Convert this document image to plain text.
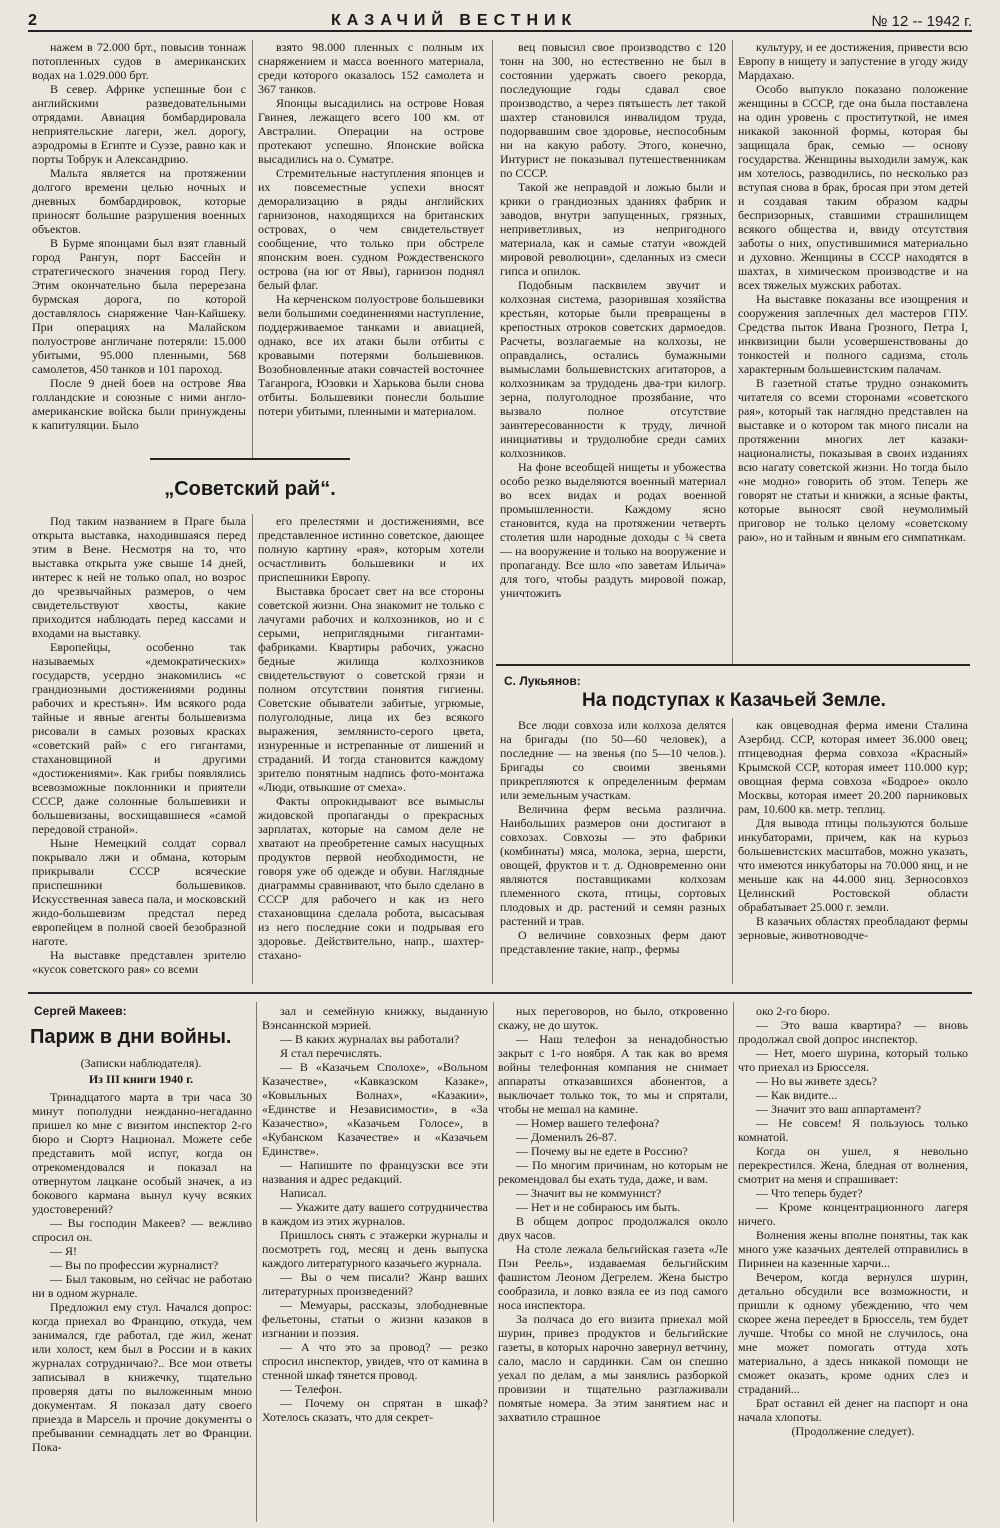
2	КАЗАЧИЙ ВЕСТНИК	№ 12 -- 1942 г.

нажем в 72.000 брт., повысив тоннаж потопленных судов в американских водах на 1.029.000 брт.

В север. Африке успешные бои с английскими разведовательными отрядами. Авиация бомбардировала неприятельские лагери, жел. дорогу, аэродромы в Египте и Суэзе, равно как и порты Тобрук и Александрию.

Мальта является на протяжении долгого времени целью ночных и дневных бомбардировок, которые приносят большие разрушения военных объектов.

В Бурме японцами был взят главный город Рангун, порт Бассейн и стратегического значения город Пегу. Этим окончательно была перерезана бурмская дорога, по которой доставлялось снаряжение Чан-Кайшеку. При операциях на Малайском полуострове англичане потеряли: 15.000 убитыми, 95.000 пленными, 568 самолетов, 450 танков и 101 пароход.

После 9 дней боев на острове Ява голландские и союзные с ними англо-американские войска были принуждены к капитуляции. Было

взято 98.000 пленных с полным их снаряжением и масса военного материала, среди которого оказалось 152 самолета и 367 танков.

Японцы высадились на острове Новая Гвинея, лежащего всего 100 км. от Австралии. Операции на острове протекают успешно. Японские войска высадились на о. Суматре.

Стремительные наступления японцев и их повсеместные успехи вносят деморализацию в ряды английских гарнизонов, находящихся на британских островах, о чем свидетельствует сообщение, что только при обстреле японским воен. судном Рождественского острова (на юг от Явы), гарнизон поднял белый флаг.

На керченском полуострове большевики вели большими соединениями наступление, поддерживаемое танками и авиацией, однако, все их атаки были отбиты с кровавыми потерями большевиков. Возобновленные атаки совчастей восточнее Таганрога, Юзовки и Харькова были снова отбиты. Большевики понесли большие потери убитыми, пленными и материалом.

„Советский рай“.

Под таким названием в Праге была открыта выставка, находившаяся перед этим в Вене. Несмотря на то, что выставка открыта уже свыше 14 дней, интерес к ней не только опал, но возрос до чрезвычайных размеров, о чем свидетельствуют хвосты, какие приходится наблюдать перед кассами и входами на выставку.

Европейцы, особенно так называемых «демократических» государств, усердно знакомились «с грандиозными достижениями родины рабочих и крестьян». Им всякого рода тайные и явные агенты большевизма рисовали в самых розовых красках «советский рай» с его гигантами, стахановщиной и другими «достижениями». Как грибы появлялись всевозможные поклонники и приятели СССР, даже солонные большевики и большевизаны, восхищавшиеся «самой передовой страной».

Ныне Немецкий солдат сорвал покрывало лжи и обмана, которым прикрывали СССР всяческие приспешники большевиков. Искусственная завеса пала, и московский жидо-большевизм предстал перед европейцем в полной своей безобразной наготе.

На выставке представлен зрителю «кусок советского рая» со всеми

его прелестями и достижениями, все представленное истинно советское, дающее полную картину «рая», которым хотели осчастливить большевики и их приспешники Европу.

Выставка бросает свет на все стороны советской жизни. Она знакомит не только с лачугами рабочих и колхозников, но и с серыми, неприглядными гигантами-фабриками. Квартиры рабочих, ужасно бедные жилища колхозников свидетельствуют о советской грязи и полном отсутствии понятия гигиены. Советские обыватели забитые, угрюмые, полуголодные, лица их без всякого выражения, землянисто-серого цвета, изнуренные и истрепанные от лишений и страданий. И тогда становится каждому зрителю понятным надпись фото-монтажа «Люди, отвыкшие от смеха».

Факты опрокидывают все вымыслы жидовской пропаганды о прекрасных зарплатах, которые на самом деле не хватают на преобретение самых насущных продуктов первой необходимости, не говоря уже об одежде и обуви. Наглядные диаграммы сравнивают, что было сделано в СССР для рабочего и как из него стахановщина сделала робота, высасывая из него последние соки и подрывая его здоровье. Действительно, напр., шахтер-стахано-

вец повысил свое производство с 120 тонн на 300, но естественно не был в состоянии удержать своего рекорда, последующие годы сдавал свое производство, а через пятьшесть лет такой шахтер становился инвалидом труда, подорвавшим свое здоровье, неспособным ни на какую работу. Этого, конечно, Интурист не показывал путешественникам по СССР.

Такой же неправдой и ложью были и крики о грандиозных зданиях фабрик и заводов, внутри запущенных, грязных, неприветливых, из непригодного материала, как и самые статуи «вождей мировой революции», сделанных из смеси гипса и опилок.

Подобным пасквилем звучит и колхозная система, разорившая хозяйства крестьян, которые были превращены в крепостных отроков советских дармоедов. Расчеты, возлагаемые на колхозы, не оправдались, остались бумажными вымыслами большевистских агитаторов, а колхозникам за трудодень два-три килогр. зерна, полуголодное прозябание, что вызвало полное отсутствие заинтересованности к труду, личной инициативы и трудолюбие среди самих колхозников.

На фоне всеобщей нищеты и убожества особо резко выделяются военный материал во всех видах и родах военной промышленности. Каждому ясно становится, куда на протяжении четверть столетия шли народные доходы с ¾ света — на вооружение и только на вооружение и пропаганду. Все шло «по заветам Ильича» для того, чтобы раздуть мировой пожар, уничтожить

культуру, и ее достижения, привести всю Европу в нищету и запустение в угоду жиду Мардахаю.

Особо выпукло показано положение женщины в СССР, где она была поставлена на один уровень с проституткой, не имея никакой законной формы, которая бы защищала брак, семью — основу государства. Женщины выходили замуж, как им хотелось, разводились, по несколько раз вступая снова в брак, бросая при этом детей и создавая таким образом кадры беспризорных, ставшими страшилищем всякого общества и, ввиду отсутствия заботы о них, опустившимися материально и духовно. Женщины в СССР находятся в шахтах, в химическом производстве и на всех тяжелых мужских работах.

На выставке показаны все изощрения и сооружения заплечных дел мастеров ГПУ. Средства пыток Ивана Грозного, Петра I, инквизиции были усовершенствованы до тонкостей и полного садизма, столь характерным большевистским палачам.

В газетной статье трудно ознакомить читателя со всеми сторонами «советского рая», который так наглядно представлен на выставке и о котором так много писали на протяжении многих лет казаки-националисты, показывая в своих изданиях всю нагату советской жизни. Но тогда было «не модно» говорить об этом. Теперь же говорят не статьи и книжки, а ясные факты, которые выносят свой неумолимый приговор не только целому «советскому раю», но и тайным и явным его симпатикам.

С. Лукьянов:
На подступах к Казачьей Земле.

Все люди совхоза или колхоза делятся на бригады (по 50—60 человек), а последние — на звенья (по 5—10 челов.). Бригады со своими звеньями прикрепляются к определенным фермам или земельным участкам.

Величина ферм весьма различна. Наибольших размеров они достигают в совхозах. Совхозы — это фабрики (комбинаты) мяса, молока, зерна, шерсти, овощей, фруктов и т. д. Одновременно они являются поставщиками колхозам племенного скота, птицы, сортовых плодовых и др. растений и семян разных растений и трав.

О величине совхозных ферм дают представление такие, напр., фермы

как овцеводная ферма имени Сталина Азербид. ССР, которая имеет 36.000 овец; птицеводная ферма совхоза «Красный» Крымской ССР, которая имеет 110.000 кур; овощная ферма совхоза «Бодрое» около Москвы, которая имеет 20.200 парниковых рам, 10.600 кв. метр. теплиц.

Для вывода птицы пользуются больше инкубаторами, причем, как на курьоз большевистских масштабов, можно указать, что имеются инкубаторы на 70.000 яиц, и не меньше как на 44.000 яиц. Зерносовхоз Целинский Ростовской области обрабатывает 25.000 г. земли.

В казачьих областях преобладают фермы зерновые, животноводче-

Сергей Макеев:
Париж в дни войны.
(Записки наблюдателя).
Из III книги 1940 г.

Тринадцатого марта в три часа 30 минут пополудни нежданно-негаданно пришел ко мне с визитом инспектор 2-го бюро и Сюртэ Национал. Можете себе представить мой испуг, когда он отрекомендовался и показал на отвернутом лацкане особый значек, а из бокового кармана вынул кучу всяких удостоверений?

— Вы господин Макеев? — вежливо спросил он.

— Я!

— Вы по профессии журналист?

— Был таковым, но сейчас не работаю ни в одном журнале.

Предложил ему стул. Начался допрос: когда приехал во Францию, откуда, чем занимался, где работал, где жил, женат или холост, кем был в России и в каких журналах сотрудничаю?.. Все мои ответы записывал в книжечку, тщательно проверяя даты по выложенным мною документам. Я показал дату своего приезда в Марсель и прочие документы о пребывании семнадцать лет во Франции. Пока-

зал и семейную книжку, выданную Вэнсаннской мэрией.

— В каких журналах вы работали?

Я стал перечислять.

— В «Казачьем Сполохе», «Вольном Казачестве», «Кавказском Казаке», «Ковыльных Волнах», «Казакии», «Единстве и Независимости», в «За Казачество», «Казачьем Голосе», в «Кубанском Казачестве» и «Казачьем Единстве».

— Напишите по французски все эти названия и адрес редакций.

Написал.

— Укажите дату вашего сотрудничества в каждом из этих журналов.

Пришлось снять с этажерки журналы и посмотреть год, месяц и день выпуска каждого литературного казачьего журнала.

— Вы о чем писали? Жанр ваших литературных произведений?

— Мемуары, рассказы, злободневные фельетоны, статьи о жизни казаков в изгнании и поэзия.

— А что это за провод? — резко спросил инспектор, увидев, что от камина в стенной шкаф тянется провод.

— Телефон.

— Почему он спрятан в шкаф? Хотелось сказать, что для секрет-

ных переговоров, но было, откровенно скажу, не до шуток.

— Наш телефон за ненадобностью закрыт с 1-го ноября. А так как во время войны телефонная компания не снимает аппараты отказавшихся абонентов, а выключает только ток, то мы и спрятали, чтобы не мешал на камине.

— Номер вашего телефона?

— Доменилъ 26-87.

— Почему вы не едете в Россию?

— По многим причинам, но которым не рекомендовал бы ехать туда, даже, и вам.

— Значит вы не коммунист?

— Нет и не собираюсь им быть.

В общем допрос продолжался около двух часов.

На столе лежала бельгийская газета «Ле Пэи Реель», издаваемая бельгийским фашистом Леоном Дегрелем. Жена быстро сообразила, и ловко взяла ее из под самого носа инспектора.

За полчаса до его визита приехал мой шурин, привез продуктов и бельгийские газеты, в которых нарочно завернул ветчину, сало, масло и сардинки. Сам он спешно уехал по делам, а мы занялись разборкой провизии и тщательно разглаживали помятые номера. За этим занятием нас и захватило страшное

око 2-го бюро.

— Это ваша квартира? — вновь продолжал свой допрос инспектор.

— Нет, моего шурина, который только что приехал из Брюсселя.

— Но вы живете здесь?

— Как видите...

— Значит это ваш аппартамент?

— Не совсем! Я пользуюсь только комнатой.

Когда он ушел, я невольно перекрестился. Жена, бледная от волнения, смотрит на меня и спрашивает:

— Что теперь будет?

— Кроме концентрационного лагеря ничего.

Волнения жены вполне понятны, так как много уже казачьих деятелей отправились в Пиринеи на казенные харчи...

Вечером, когда вернулся шурин, детально обсудили все возможности, и пришли к одному убеждению, что чем скорее жена переедет в Брюссель, тем будет лучше. Чтобы со мной не случилось, она мне может помогать оттуда хоть материально, а здесь никакой помощи не сможет оказать, кроме одних слез и страданий...

Брат оставил ей денег на паспорт и она начала хлопоты.

(Продолжение следует).
